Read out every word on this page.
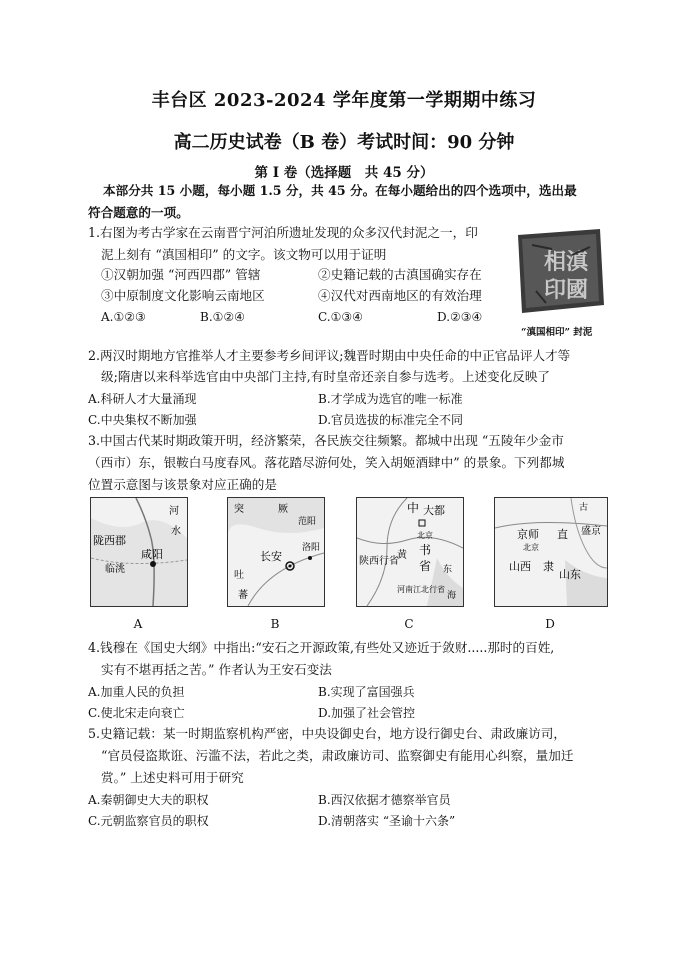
丰台区 2023-2024 学年度第一学期期中练习
高二历史试卷（B 卷）考试时间：90 分钟
第 I 卷（选择题　共 45 分）
本部分共 15 小题，每小题 1.5 分，共 45 分。在每小题给出的四个选项中，选出最
符合题意的一项。
1.右图为考古学家在云南晋宁河泊所遗址发现的众多汉代封泥之一，印
泥上刻有 “滇国相印” 的文字。该文物可以用于证明
①汉朝加强 “河西四郡” 管辖	②史籍记载的古滇国确实存在
③中原制度文化影响云南地区	④汉代对西南地区的有效治理
A.①②③	B.①②④	C.①③④	D.②③④
相滇
印國
“滇国相印” 封泥
2.两汉时期地方官推举人才主要参考乡间评议;魏晋时期由中央任命的中正官品评人才等
级;隋唐以来科举选官由中央部门主持,有时皇帝还亲自参与选考。上述变化反映了
A.科研人才大量涌现	B.才学成为选官的唯一标准
C.中央集权不断加强	D.官员选拔的标准完全不同
3.中国古代某时期政策开明，经济繁荣，各民族交往频繁。都城中出现 “五陵年少金市
（西市）东，银鞍白马度春风。落花踏尽游何处，笑入胡姬酒肆中” 的景象。下列都城
位置示意图与该景象对应正确的是
陇西郡
咸阳
临洮
河
水
突	厥
范阳
长安
洛阳
吐
蕃
大都
北京
中
书
省
陕西行省
河南江北行省
黄
东
海
京师
北京
直 盛京
山西 隶
山东
古
A	B	C	D
4.钱穆在《国史大纲》中指出:“安石之开源政策,有些处又迹近于敛财.....那时的百姓,
实有不堪再括之苦。” 作者认为王安石变法
A.加重人民的负担	B.实现了富国强兵
C.使北宋走向衰亡	D.加强了社会管控
5.史籍记载：某一时期监察机构严密，中央设御史台，地方设行御史台、肃政廉访司，
“官员侵盗欺诳、污滥不法，若此之类，肃政廉访司、监察御史有能用心纠察，量加迁
赏。” 上述史料可用于研究
A.秦朝御史大夫的职权	B.西汉依据才德察举官员
C.元朝监察官员的职权	D.清朝落实 “圣谕十六条”
